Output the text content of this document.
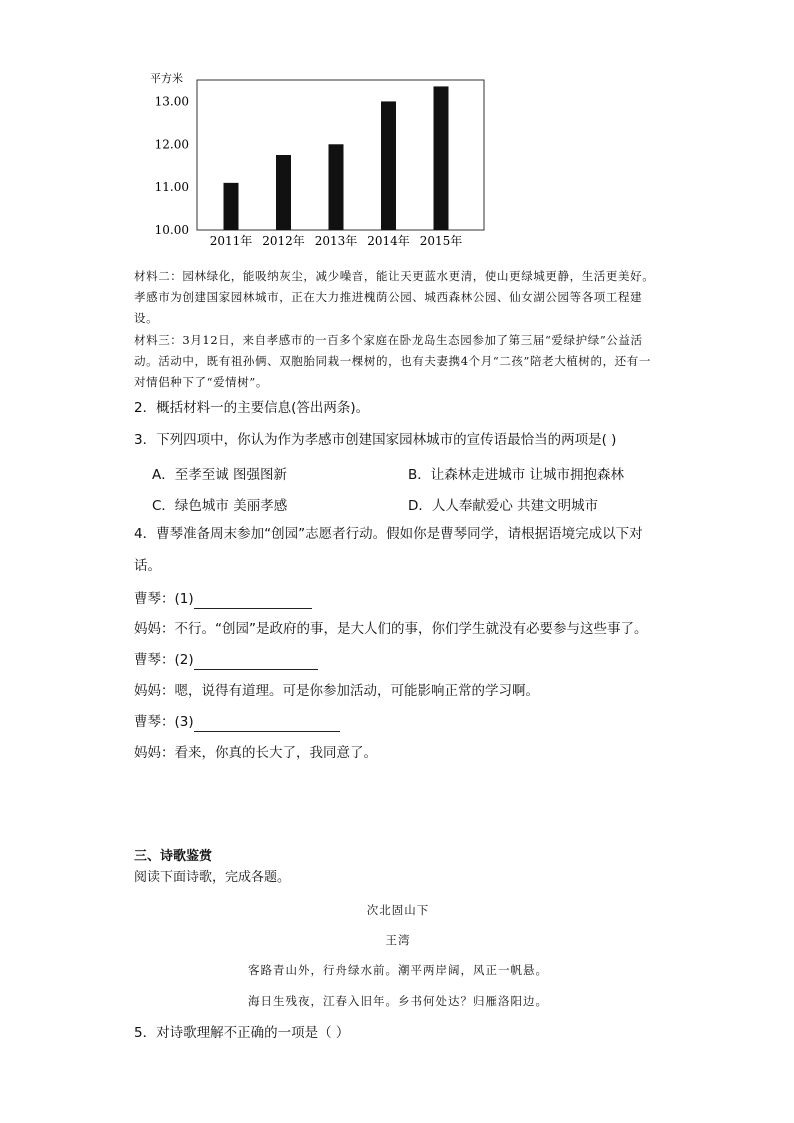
平方米
13.00
12.00
11.00
10.00
2011年 2012年 2013年 2014年 2015年
材料二：园林绿化，能吸纳灰尘，减少噪音，能让天更蓝水更清，使山更绿城更静，生活更美好。孝感市为创建国家园林城市，正在大力推进槐荫公园、城西森林公园、仙女湖公园等各项工程建设。
材料三：3月12日，来自孝感市的一百多个家庭在卧龙岛生态园参加了第三届“爱绿护绿”公益活动。活动中，既有祖孙俩、双胞胎同栽一棵树的，也有夫妻携4个月“二孩”陪老大植树的，还有一对情侣种下了“爱情树”。
2．概括材料一的主要信息(答出两条)。
3．下列四项中，你认为作为孝感市创建国家园林城市的宣传语最恰当的两项是( )
A．至孝至诚 图强图新	B．让森林走进城市 让城市拥抱森林
C．绿色城市 美丽孝感	D．人人奉献爱心 共建文明城市
4．曹琴准备周末参加“创园”志愿者行动。假如你是曹琴同学，请根据语境完成以下对
话。
曹琴：(1)
妈妈：不行。“创园”是政府的事，是大人们的事，你们学生就没有必要参与这些事了。
曹琴：(2)
妈妈：嗯，说得有道理。可是你参加活动，可能影响正常的学习啊。
曹琴：(3)
妈妈：看来，你真的长大了，我同意了。
三、诗歌鉴赏
阅读下面诗歌，完成各题。
次北固山下
王湾
客路青山外，行舟绿水前。潮平两岸阔，风正一帆悬。
海日生残夜，江春入旧年。乡书何处达？归雁洛阳边。
5．对诗歌理解不正确的一项是（ ）
